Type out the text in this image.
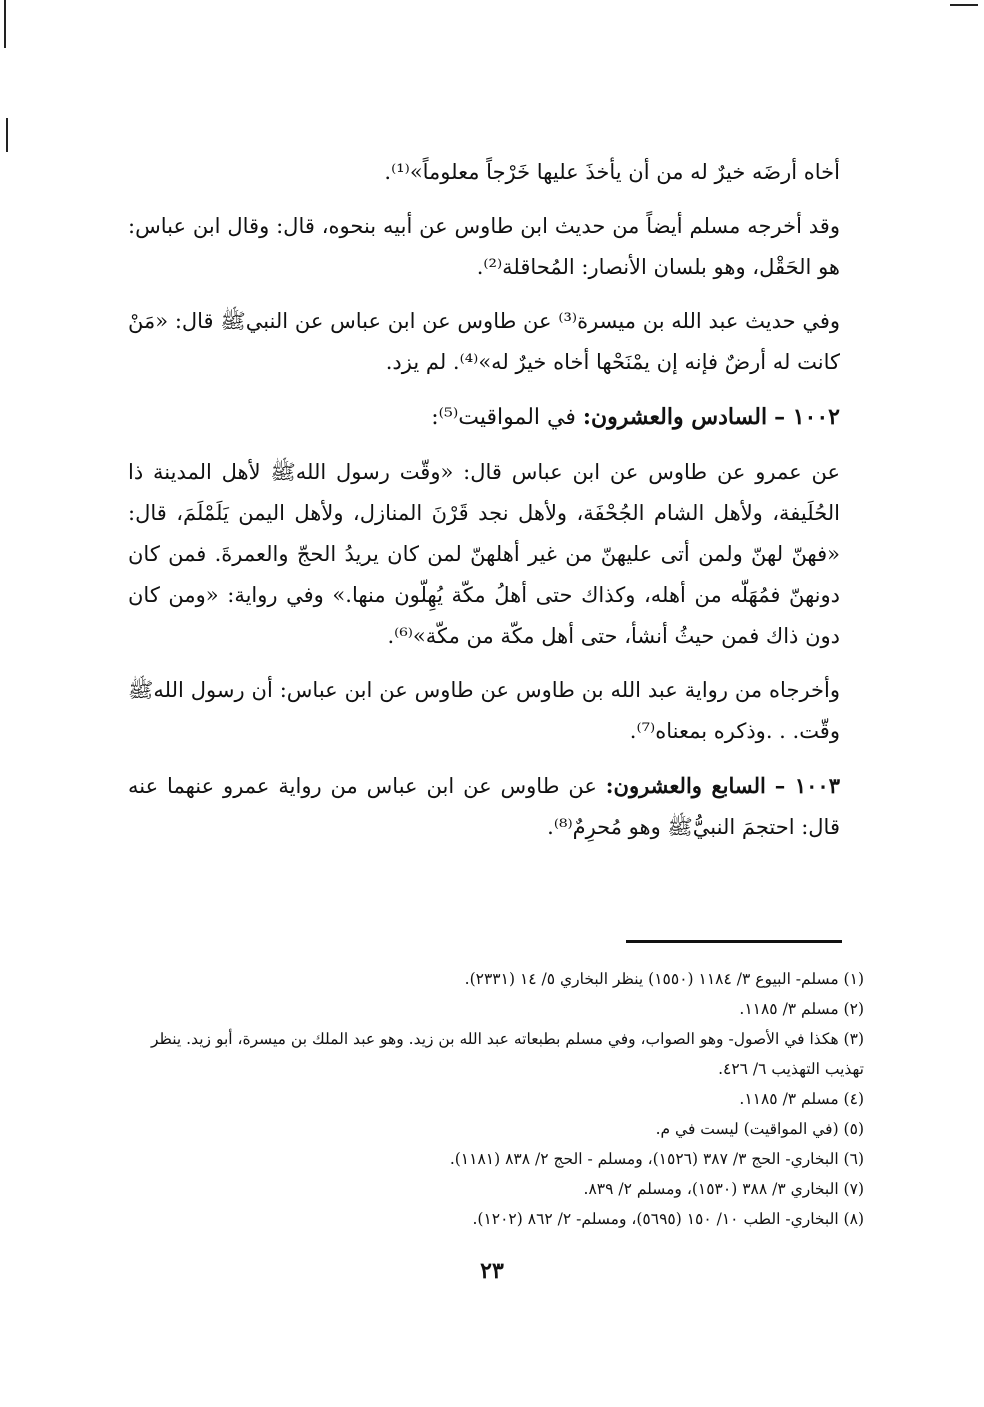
أخاه أرضَه خيرٌ له من أن يأخذَ عليها خَرْجاً معلوماً»⁽¹⁾.

وقد أخرجه مسلم أيضاً من حديث ابن طاوس عن أبيه بنحوه، قال: وقال ابن عباس: هو الحَقْل، وهو بلسان الأنصار: المُحاقلة⁽²⁾.

وفي حديث عبد الله بن ميسرة⁽³⁾ عن طاوس عن ابن عباس عن النبيﷺ قال: «مَنْ كانت له أرضٌ فإنه إن يمْنَحْها أخاه خيرٌ له»⁽⁴⁾. لم يزد.

١٠٠٢ – السادس والعشرون: في المواقيت⁽⁵⁾:

عن عمرو عن طاوس عن ابن عباس قال: «وقّت رسول اللهﷺ لأهل المدينة ذا الحُلَيفة، ولأهل الشام الجُحْفَة، ولأهل نجد قَرْنَ المنازل، ولأهل اليمن يَلَمْلَمَ، قال: «فهنّ لهنّ ولمن أتى عليهنّ من غير أهلهنّ لمن كان يريدُ الحجّ والعمرةَ. فمن كان دونهنّ فمُهَلّه من أهله، وكذاك حتى أهلُ مكّة يُهِلّون منها.» وفي رواية: «ومن كان دون ذاك فمن حيثُ أنشأ، حتى أهل مكّة من مكّة»⁽⁶⁾.

وأخرجاه من رواية عبد الله بن طاوس عن طاوس عن ابن عباس: أن رسول اللهﷺ وقّت. . .وذكره بمعناه⁽⁷⁾.

١٠٠٣ – السابع والعشرون: عن طاوس عن ابن عباس من رواية عمرو عنهما عنه قال: احتجمَ النبيُّﷺ وهو مُحرِمٌ⁽⁸⁾.

(١) مسلم- البيوع ٣/ ١١٨٤ (١٥٥٠) ينظر البخاري ٥/ ١٤ (٢٣٣١).

(٢) مسلم ٣/ ١١٨٥.

(٣) هكذا في الأصول- وهو الصواب، وفي مسلم بطبعاته عبد الله بن زيد. وهو عبد الملك بن ميسرة، أبو زيد. ينظر تهذيب التهذيب ٦/ ٤٢٦.

(٤) مسلم ٣/ ١١٨٥.

(٥) (في المواقيت) ليست في م.

(٦) البخاري- الحج ٣/ ٣٨٧ (١٥٢٦)، ومسلم - الحج ٢/ ٨٣٨ (١١٨١).

(٧) البخاري ٣/ ٣٨٨ (١٥٣٠)، ومسلم ٢/ ٨٣٩.

(٨) البخاري- الطب ١٠/ ١٥٠ (٥٦٩٥)، ومسلم- ٢/ ٨٦٢ (١٢٠٢).

٢٣
